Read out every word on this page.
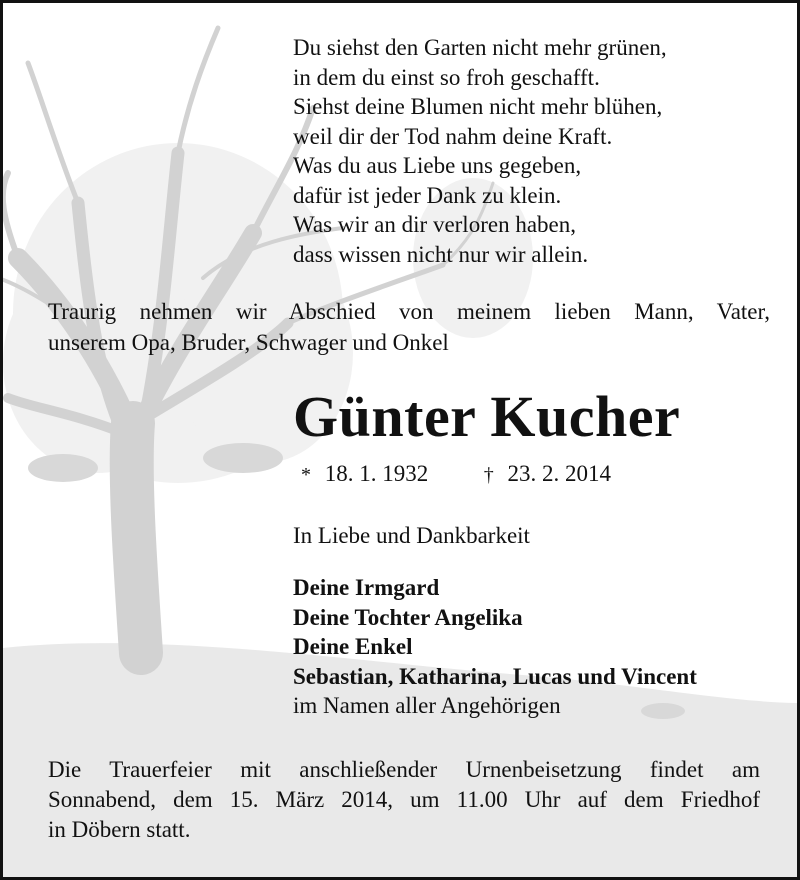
Du siehst den Garten nicht mehr grünen,
in dem du einst so froh geschafft.
Siehst deine Blumen nicht mehr blühen,
weil dir der Tod nahm deine Kraft.
Was du aus Liebe uns gegeben,
dafür ist jeder Dank zu klein.
Was wir an dir verloren haben,
dass wissen nicht nur wir allein.
Traurig nehmen wir Abschied von meinem lieben Mann, Vater,
unserem Opa, Bruder, Schwager und Onkel
Günter Kucher
* 18. 1. 1932	† 23. 2. 2014
In Liebe und Dankbarkeit
Deine Irmgard
Deine Tochter Angelika
Deine Enkel
Sebastian, Katharina, Lucas und Vincent
im Namen aller Angehörigen
Die Trauerfeier mit anschließender Urnenbeisetzung findet am
Sonnabend, dem 15. März 2014, um 11.00 Uhr auf dem Friedhof
in Döbern statt.
